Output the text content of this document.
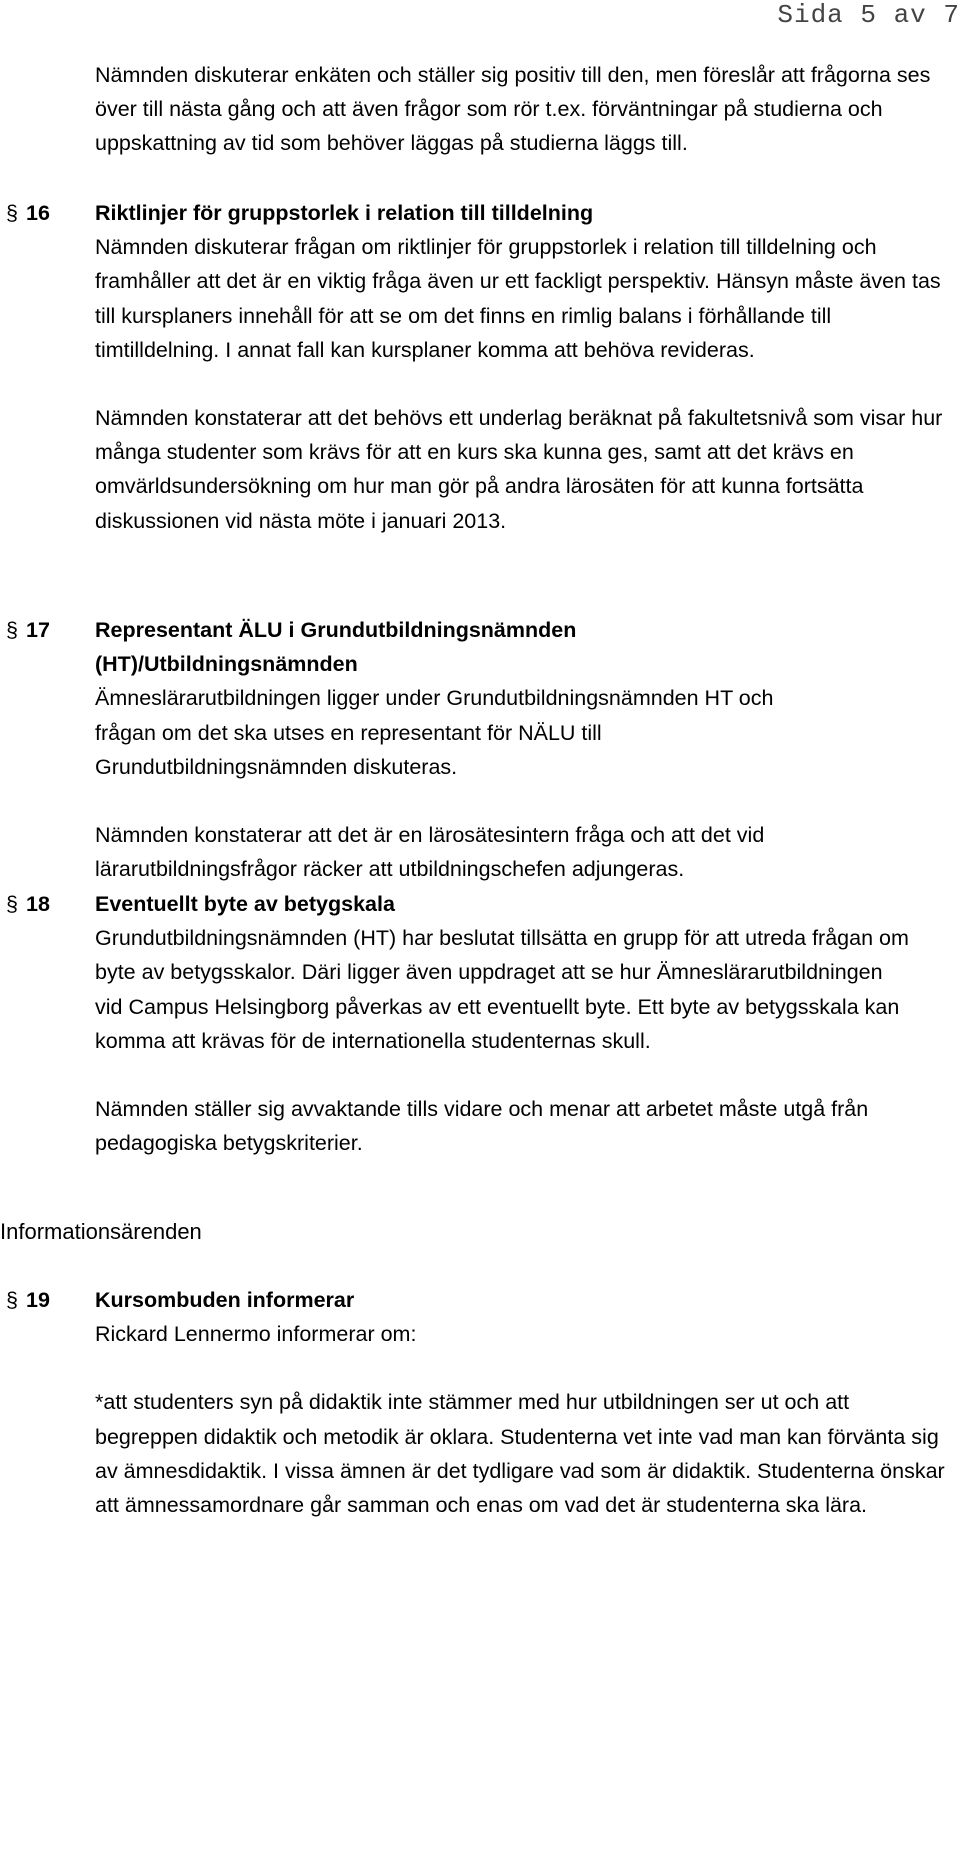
Sida 5 av 7

Nämnden diskuterar enkäten och ställer sig positiv till den, men föreslår att frågorna ses över till nästa gång och att även frågor som rör t.ex. förväntningar på studierna och uppskattning av tid som behöver läggas på studierna läggs till.

§ 16 Riktlinjer för gruppstorlek i relation till tilldelning

Nämnden diskuterar frågan om riktlinjer för gruppstorlek i relation till tilldelning och framhåller att det är en viktig fråga även ur ett fackligt perspektiv. Hänsyn måste även tas till kursplaners innehåll för att se om det finns en rimlig balans i förhållande till timtilldelning. I annat fall kan kursplaner komma att behöva revideras.

Nämnden konstaterar att det behövs ett underlag beräknat på fakultetsnivå som visar hur många studenter som krävs för att en kurs ska kunna ges, samt att det krävs en omvärldsundersökning om hur man gör på andra lärosäten för att kunna fortsätta diskussionen vid nästa möte i januari 2013.

§ 17 Representant ÄLU i Grundutbildningsnämnden (HT)/Utbildningsnämnden

Ämneslärarutbildningen ligger under Grundutbildningsnämnden HT och frågan om det ska utses en representant för NÄLU till Grundutbildningsnämnden diskuteras.

Nämnden konstaterar att det är en lärosätesintern fråga och att det vid lärarutbildningsfrågor räcker att utbildningschefen adjungeras.

§ 18 Eventuellt byte av betygskala

Grundutbildningsnämnden (HT) har beslutat tillsätta en grupp för att utreda frågan om byte av betygsskalor. Däri ligger även uppdraget att se hur Ämneslärarutbildningen vid Campus Helsingborg påverkas av ett eventuellt byte. Ett byte av betygsskala kan komma att krävas för de internationella studenternas skull.

Nämnden ställer sig avvaktande tills vidare och menar att arbetet måste utgå från pedagogiska betygskriterier.

Informationsärenden
§ 19 Kursombuden informerar

Rickard Lennermo informerar om:

*att studenters syn på didaktik inte stämmer med hur utbildningen ser ut och att begreppen didaktik och metodik är oklara. Studenterna vet inte vad man kan förvänta sig av ämnesdidaktik. I vissa ämnen är det tydligare vad som är didaktik. Studenterna önskar att ämnessamordnare går samman och enas om vad det är studenterna ska lära.
